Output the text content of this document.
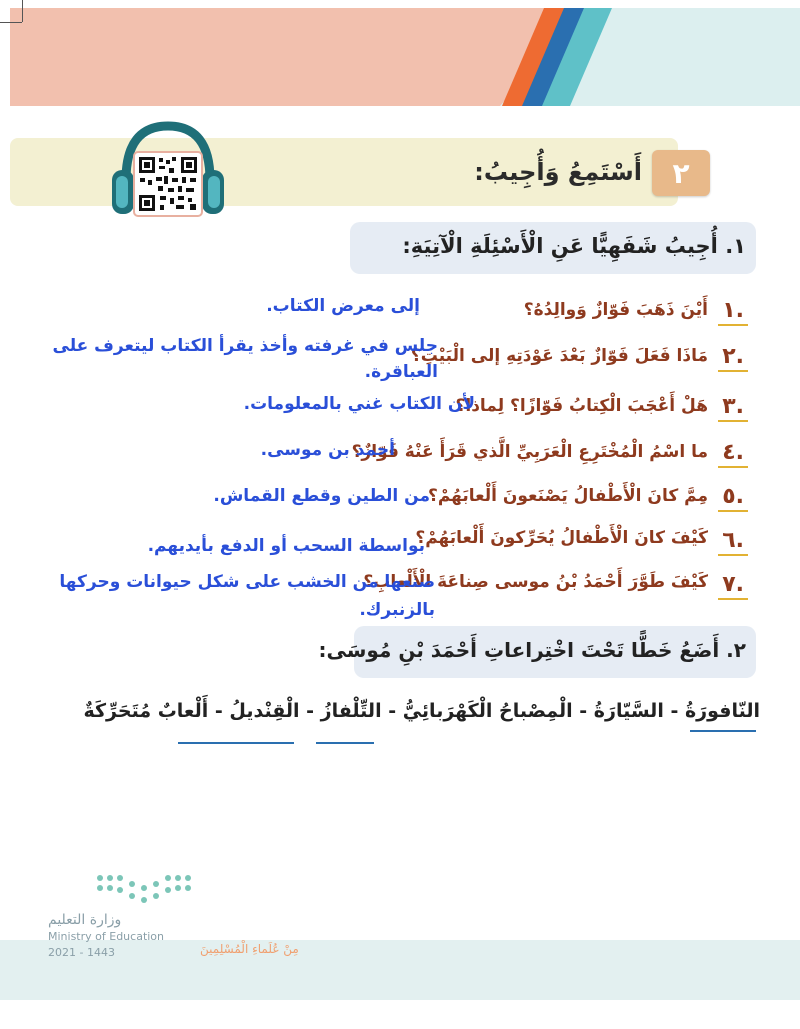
٢
أَسْتَمِعُ وَأُجِيبُ:
١. أُجِيبُ شَفَهِيًّا عَنِ الْأَسْئِلَةِ الْآتِيَةِ:
١.
أَيْنَ ذَهَبَ فَوّازٌ وَوالِدُهُ؟
إلى معرض الكتاب.
٢.
مَاذَا فَعَلَ فَوّازٌ بَعْدَ عَوْدَتِهِ إلى الْبَيْتِ؟
جلس في غرفته وأخذ يقرأ الكتاب ليتعرف على
العباقرة.
٣.
هَلْ أَعْجَبَ الْكِتابُ فَوّازًا؟ لِماذا؟
لأن الكتاب غني بالمعلومات.
٤.
ما اسْمُ الْمُخْتَرِعِ الْعَرَبِيِّ الَّذي قَرَأَ عَنْهُ فَوّازٌ؟
أحمد بن موسى.
٥.
مِمَّ كانَ الْأَطْفالُ يَصْنَعونَ أَلْعابَهُمْ؟
من الطين وقطع القماش.
٦.
كَيْفَ كانَ الْأَطْفالُ يُحَرِّكونَ أَلْعابَهُمْ؟
بواسطة السحب أو الدفع بأيديهم.
٧.
كَيْفَ طَوَّرَ أَحْمَدُ بْنُ موسى صِناعَةَ الْأَلْعابِ؟
صنعها من الخشب على شكل حيوانات وحركها
بالزنبرك.
٢. أَضَعُ خَطًّا تَحْتَ اخْتِراعاتِ أَحْمَدَ بْنِ مُوسَى:
النّافورَةُ - السَّيّارَةُ - الْمِصْباحُ الْكَهْرَبائِيُّ - التِّلْفازُ - الْقِنْديلُ - أَلْعابٌ مُتَحَرِّكَةٌ
مِنْ عُلَماءِ الْمُسْلِمِينَ
وزارة التعليم
Ministry of Education
2021 - 1443
